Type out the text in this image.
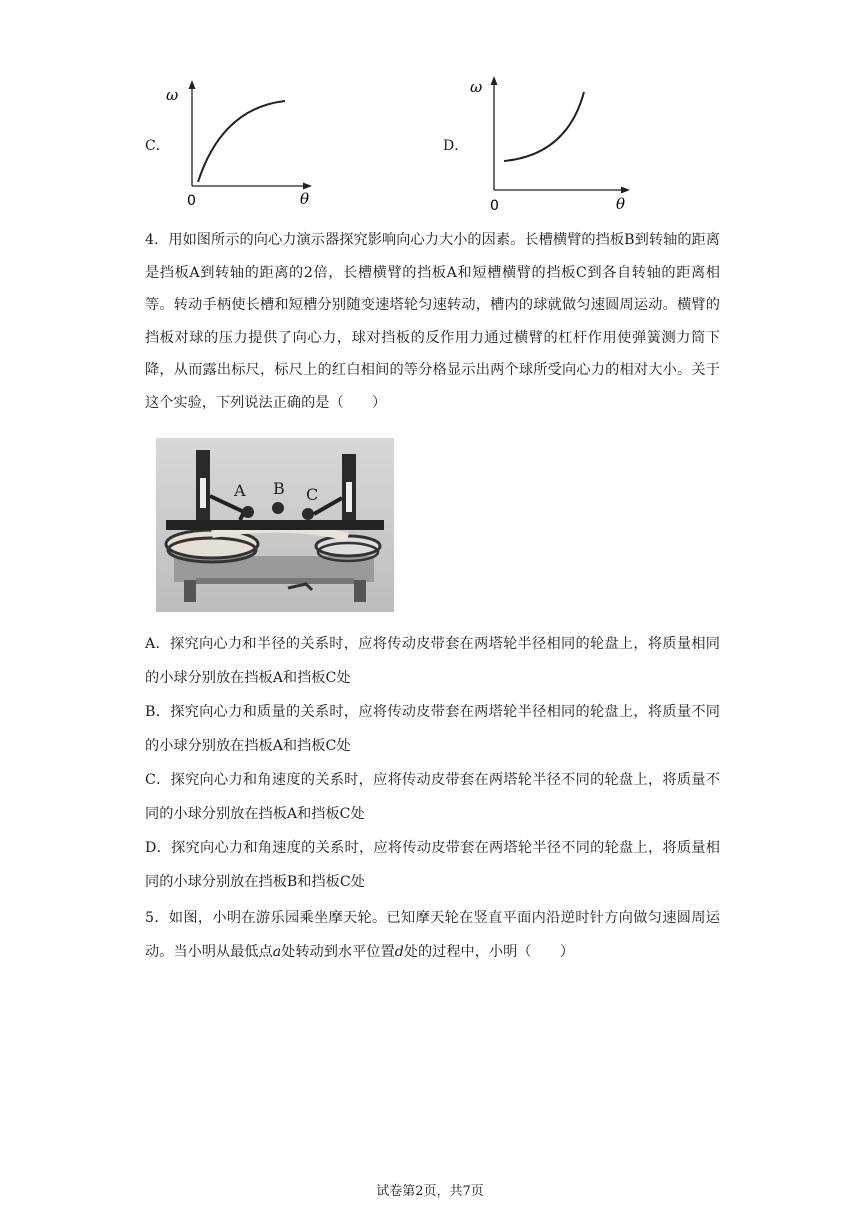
C．
ω
θ
0
D．
ω
θ
0
4．用如图所示的向心力演示器探究影响向心力大小的因素。长槽横臂的挡板B到转轴的距离是挡板A到转轴的距离的2倍，长槽横臂的挡板A和短槽横臂的挡板C到各自转轴的距离相等。转动手柄使长槽和短槽分别随变速塔轮匀速转动，槽内的球就做匀速圆周运动。横臂的挡板对球的压力提供了向心力，球对挡板的反作用力通过横臂的杠杆作用使弹簧测力筒下降，从而露出标尺，标尺上的红白相间的等分格显示出两个球所受向心力的相对大小。关于这个实验，下列说法正确的是（　　）
A B C
A．探究向心力和半径的关系时，应将传动皮带套在两塔轮半径相同的轮盘上，将质量相同的小球分别放在挡板A和挡板C处
B．探究向心力和质量的关系时，应将传动皮带套在两塔轮半径相同的轮盘上，将质量不同的小球分别放在挡板A和挡板C处
C．探究向心力和角速度的关系时，应将传动皮带套在两塔轮半径不同的轮盘上，将质量不同的小球分别放在挡板A和挡板C处
D．探究向心力和角速度的关系时，应将传动皮带套在两塔轮半径不同的轮盘上，将质量相同的小球分别放在挡板B和挡板C处
5．如图，小明在游乐园乘坐摩天轮。已知摩天轮在竖直平面内沿逆时针方向做匀速圆周运动。当小明从最低点a处转动到水平位置d处的过程中，小明（　　）
试卷第2页，共7页
